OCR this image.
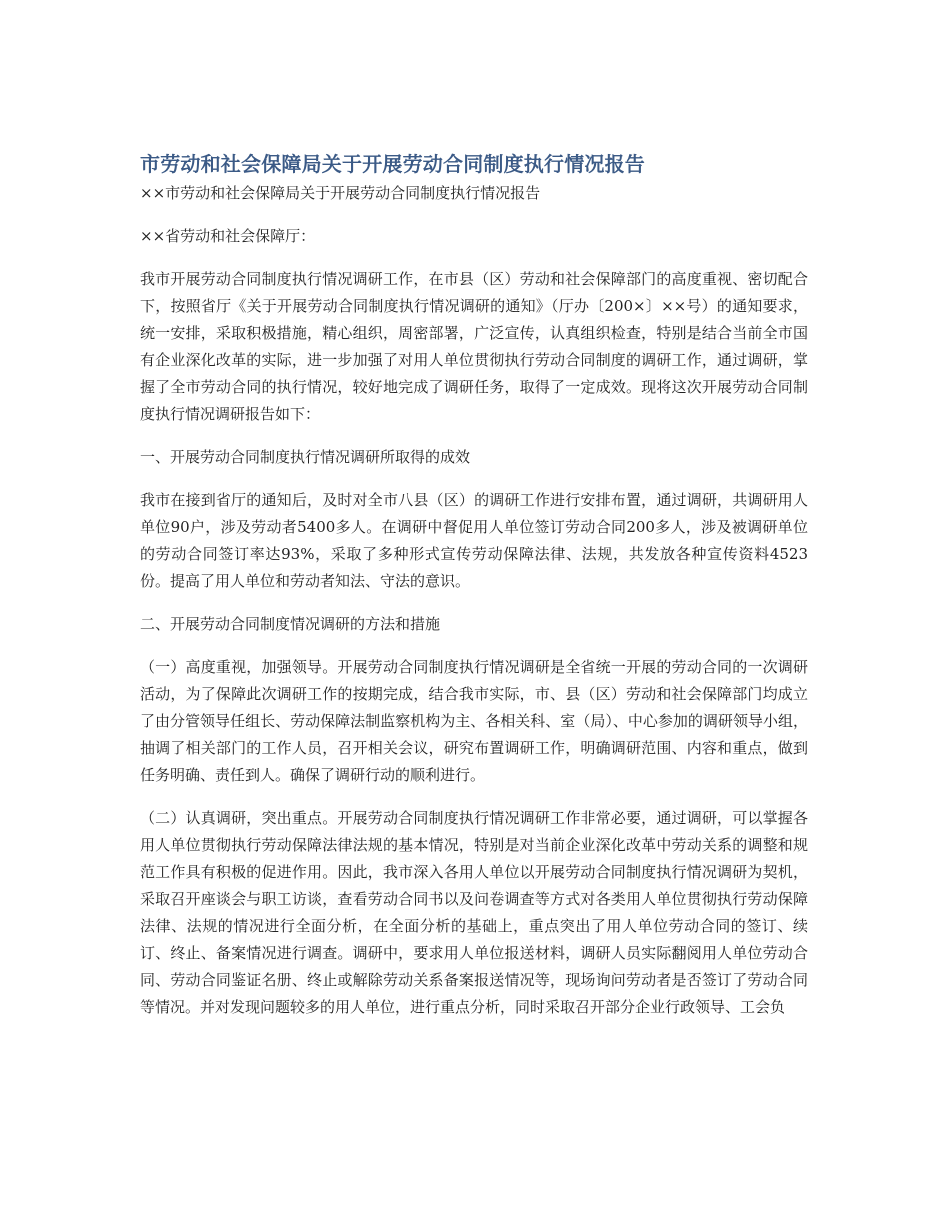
市劳动和社会保障局关于开展劳动合同制度执行情况报告

××市劳动和社会保障局关于开展劳动合同制度执行情况报告

××省劳动和社会保障厅：

我市开展劳动合同制度执行情况调研工作，在市县（区）劳动和社会保障部门的高度重视、密切配合下，按照省厅《关于开展劳动合同制度执行情况调研的通知》（厅办〔200×〕××号）的通知要求，统一安排，采取积极措施，精心组织，周密部署，广泛宣传，认真组织检查，特别是结合当前全市国有企业深化改革的实际，进一步加强了对用人单位贯彻执行劳动合同制度的调研工作，通过调研，掌握了全市劳动合同的执行情况，较好地完成了调研任务，取得了一定成效。现将这次开展劳动合同制度执行情况调研报告如下：

一、开展劳动合同制度执行情况调研所取得的成效

我市在接到省厅的通知后，及时对全市八县（区）的调研工作进行安排布置，通过调研，共调研用人单位90户，涉及劳动者5400多人。在调研中督促用人单位签订劳动合同200多人，涉及被调研单位的劳动合同签订率达93%，采取了多种形式宣传劳动保障法律、法规，共发放各种宣传资料4523份。提高了用人单位和劳动者知法、守法的意识。

二、开展劳动合同制度情况调研的方法和措施

（一）高度重视，加强领导。开展劳动合同制度执行情况调研是全省统一开展的劳动合同的一次调研活动，为了保障此次调研工作的按期完成，结合我市实际，市、县（区）劳动和社会保障部门均成立了由分管领导任组长、劳动保障法制监察机构为主、各相关科、室（局）、中心参加的调研领导小组，抽调了相关部门的工作人员，召开相关会议，研究布置调研工作，明确调研范围、内容和重点，做到任务明确、责任到人。确保了调研行动的顺利进行。

（二）认真调研，突出重点。开展劳动合同制度执行情况调研工作非常必要，通过调研，可以掌握各用人单位贯彻执行劳动保障法律法规的基本情况，特别是对当前企业深化改革中劳动关系的调整和规范工作具有积极的促进作用。因此，我市深入各用人单位以开展劳动合同制度执行情况调研为契机，采取召开座谈会与职工访谈，查看劳动合同书以及问卷调查等方式对各类用人单位贯彻执行劳动保障法律、法规的情况进行全面分析，在全面分析的基础上，重点突出了用人单位劳动合同的签订、续订、终止、备案情况进行调查。调研中，要求用人单位报送材料，调研人员实际翻阅用人单位劳动合同、劳动合同鉴证名册、终止或解除劳动关系备案报送情况等，现场询问劳动者是否签订了劳动合同等情况。并对发现问题较多的用人单位，进行重点分析，同时采取召开部分企业行政领导、工会负
